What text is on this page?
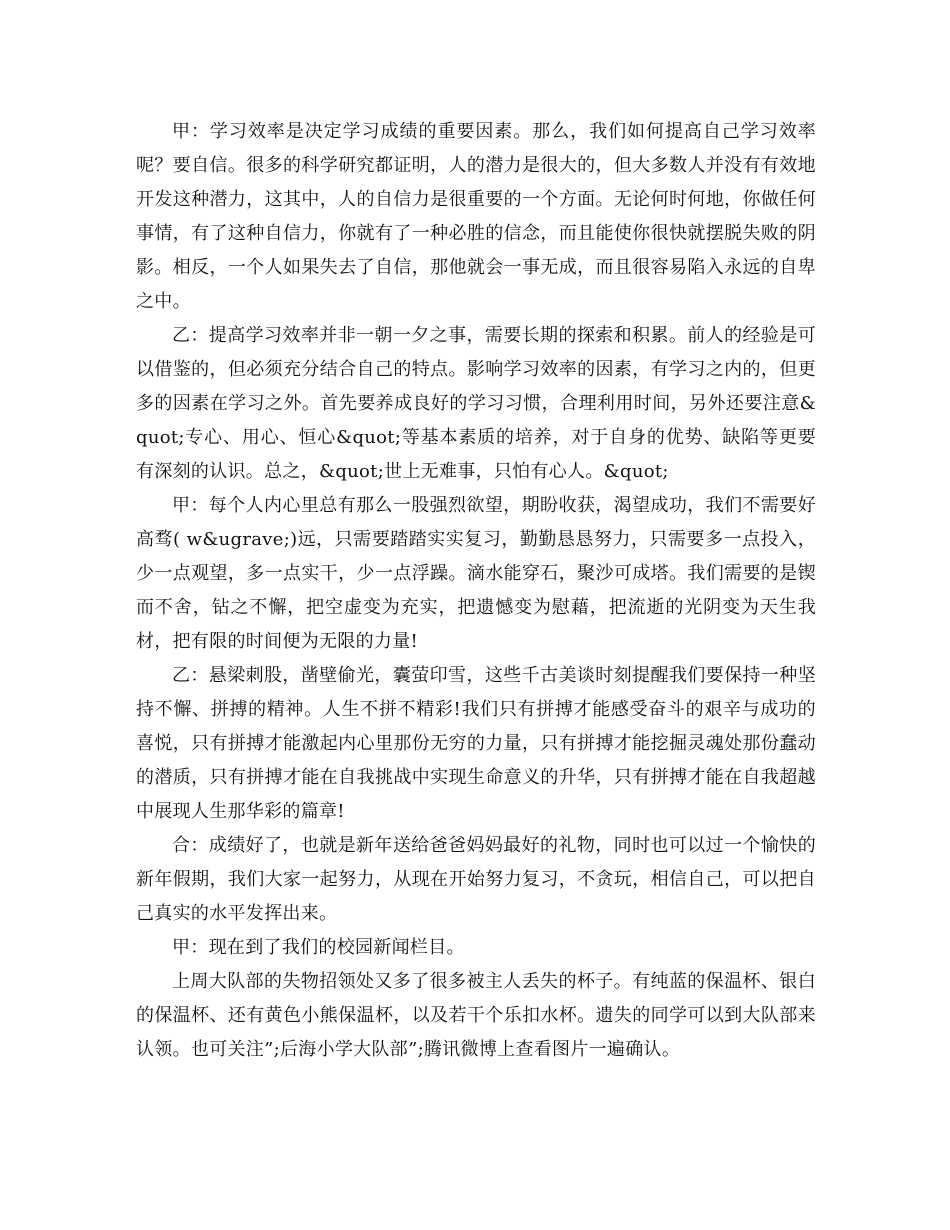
甲：学习效率是决定学习成绩的重要因素。那么，我们如何提高自己学习效率呢？要自信。很多的科学研究都证明，人的潜力是很大的，但大多数人并没有有效地开发这种潜力，这其中，人的自信力是很重要的一个方面。无论何时何地，你做任何事情，有了这种自信力，你就有了一种必胜的信念，而且能使你很快就摆脱失败的阴影。相反，一个人如果失去了自信，那他就会一事无成，而且很容易陷入永远的自卑之中。

乙：提高学习效率并非一朝一夕之事，需要长期的探索和积累。前人的经验是可以借鉴的，但必须充分结合自己的特点。影响学习效率的因素，有学习之内的，但更多的因素在学习之外。首先要养成良好的学习习惯，合理利用时间，另外还要注意&quot;专心、用心、恒心&quot;等基本素质的培养，对于自身的优势、缺陷等更要有深刻的认识。总之，&quot;世上无难事，只怕有心人。&quot;

甲：每个人内心里总有那么一股强烈欲望，期盼收获，渴望成功，我们不需要好高骛( w&ugrave;)远，只需要踏踏实实复习，勤勤恳恳努力，只需要多一点投入，少一点观望，多一点实干，少一点浮躁。滴水能穿石，聚沙可成塔。我们需要的是锲而不舍，钻之不懈，把空虚变为充实，把遗憾变为慰藉，把流逝的光阴变为天生我材，把有限的时间便为无限的力量!

乙：悬梁刺股，凿壁偷光，囊萤印雪，这些千古美谈时刻提醒我们要保持一种坚持不懈、拼搏的精神。人生不拼不精彩!我们只有拼搏才能感受奋斗的艰辛与成功的喜悦，只有拼搏才能激起内心里那份无穷的力量，只有拼搏才能挖掘灵魂处那份蠢动的潜质，只有拼搏才能在自我挑战中实现生命意义的升华，只有拼搏才能在自我超越中展现人生那华彩的篇章!

合：成绩好了，也就是新年送给爸爸妈妈最好的礼物，同时也可以过一个愉快的新年假期，我们大家一起努力，从现在开始努力复习，不贪玩，相信自己，可以把自己真实的水平发挥出来。

甲：现在到了我们的校园新闻栏目。

上周大队部的失物招领处又多了很多被主人丢失的杯子。有纯蓝的保温杯、银白的保温杯、还有黄色小熊保温杯，以及若干个乐扣水杯。遗失的同学可以到大队部来认领。也可关注”;后海小学大队部”;腾讯微博上查看图片一遍确认。
